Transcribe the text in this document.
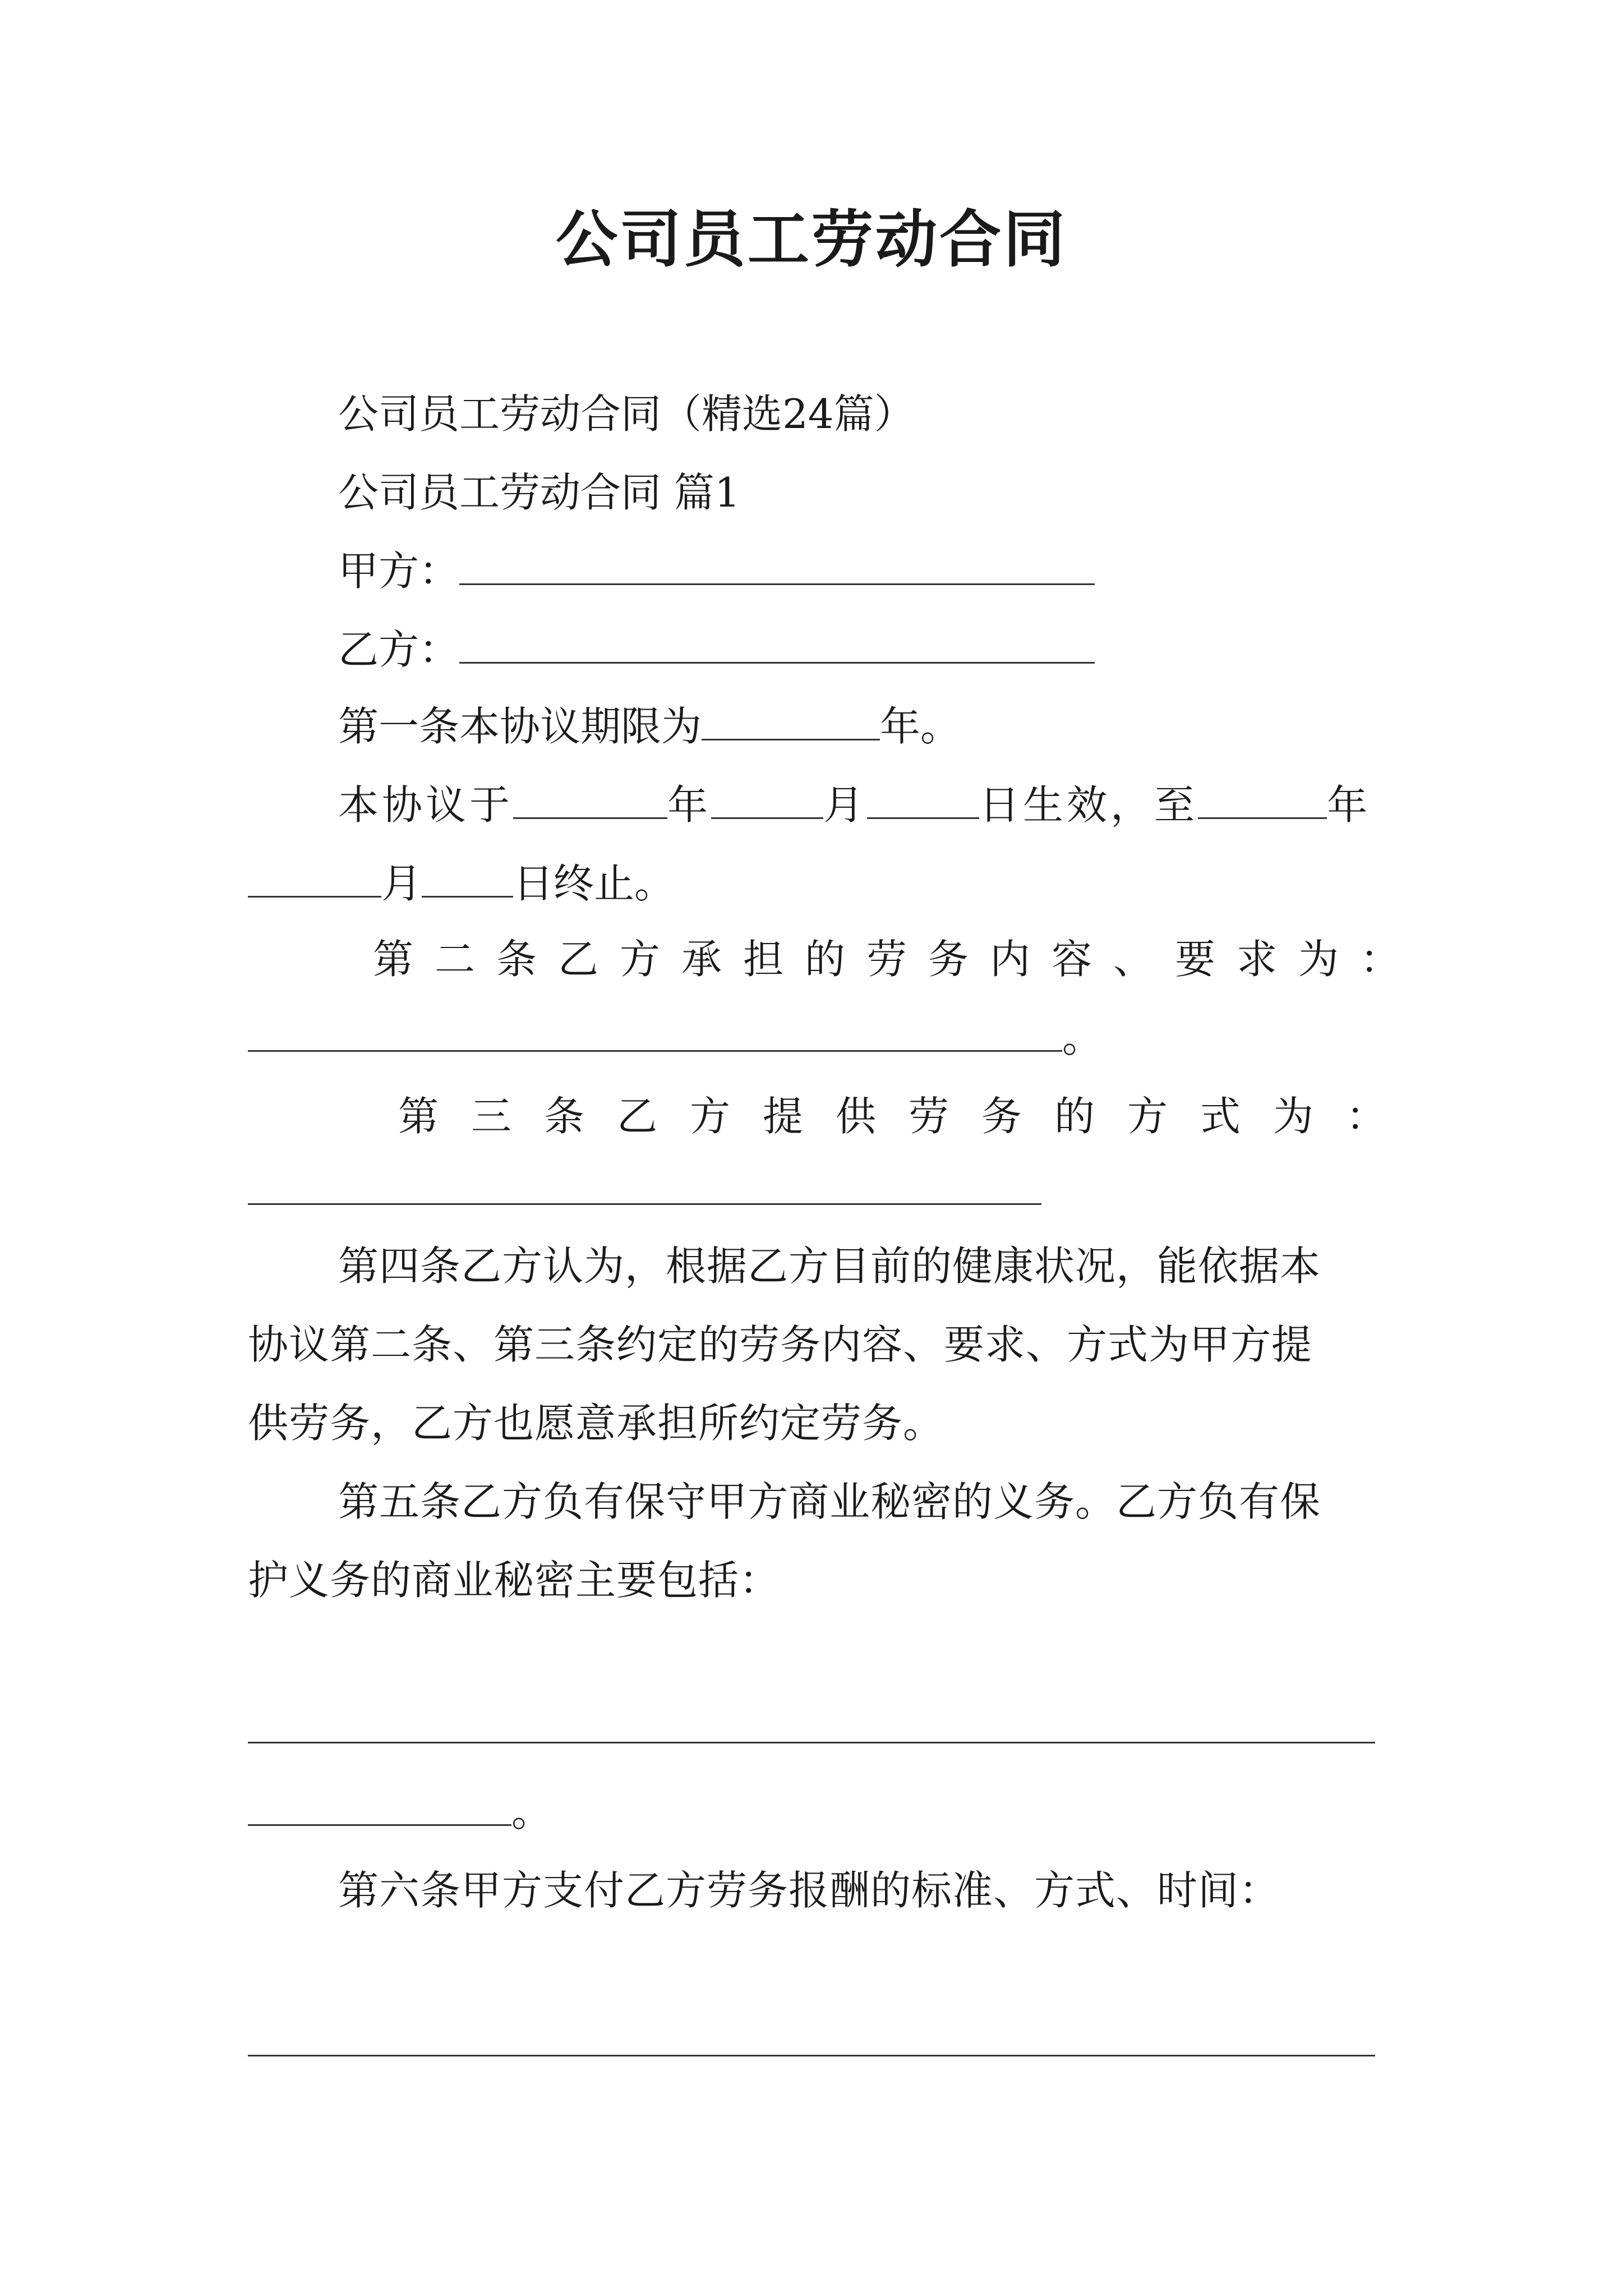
公司员工劳动合同
公司员工劳动合同（精选24篇）
公司员工劳动合同 篇1
甲方：
乙方：
第一条本协议期限为	年。
本协议于	年	月	日生效，至	年
月 日终止。
第二条乙方承担的劳务内容、要求为：
。
第三条乙方提供劳务的方式为：
第四条乙方认为，根据乙方目前的健康状况，能依据本
协议第二条、第三条约定的劳务内容、要求、方式为甲方提
供劳务，乙方也愿意承担所约定劳务。
第五条乙方负有保守甲方商业秘密的义务。乙方负有保
护义务的商业秘密主要包括：
。
第六条甲方支付乙方劳务报酬的标准、方式、时间：
